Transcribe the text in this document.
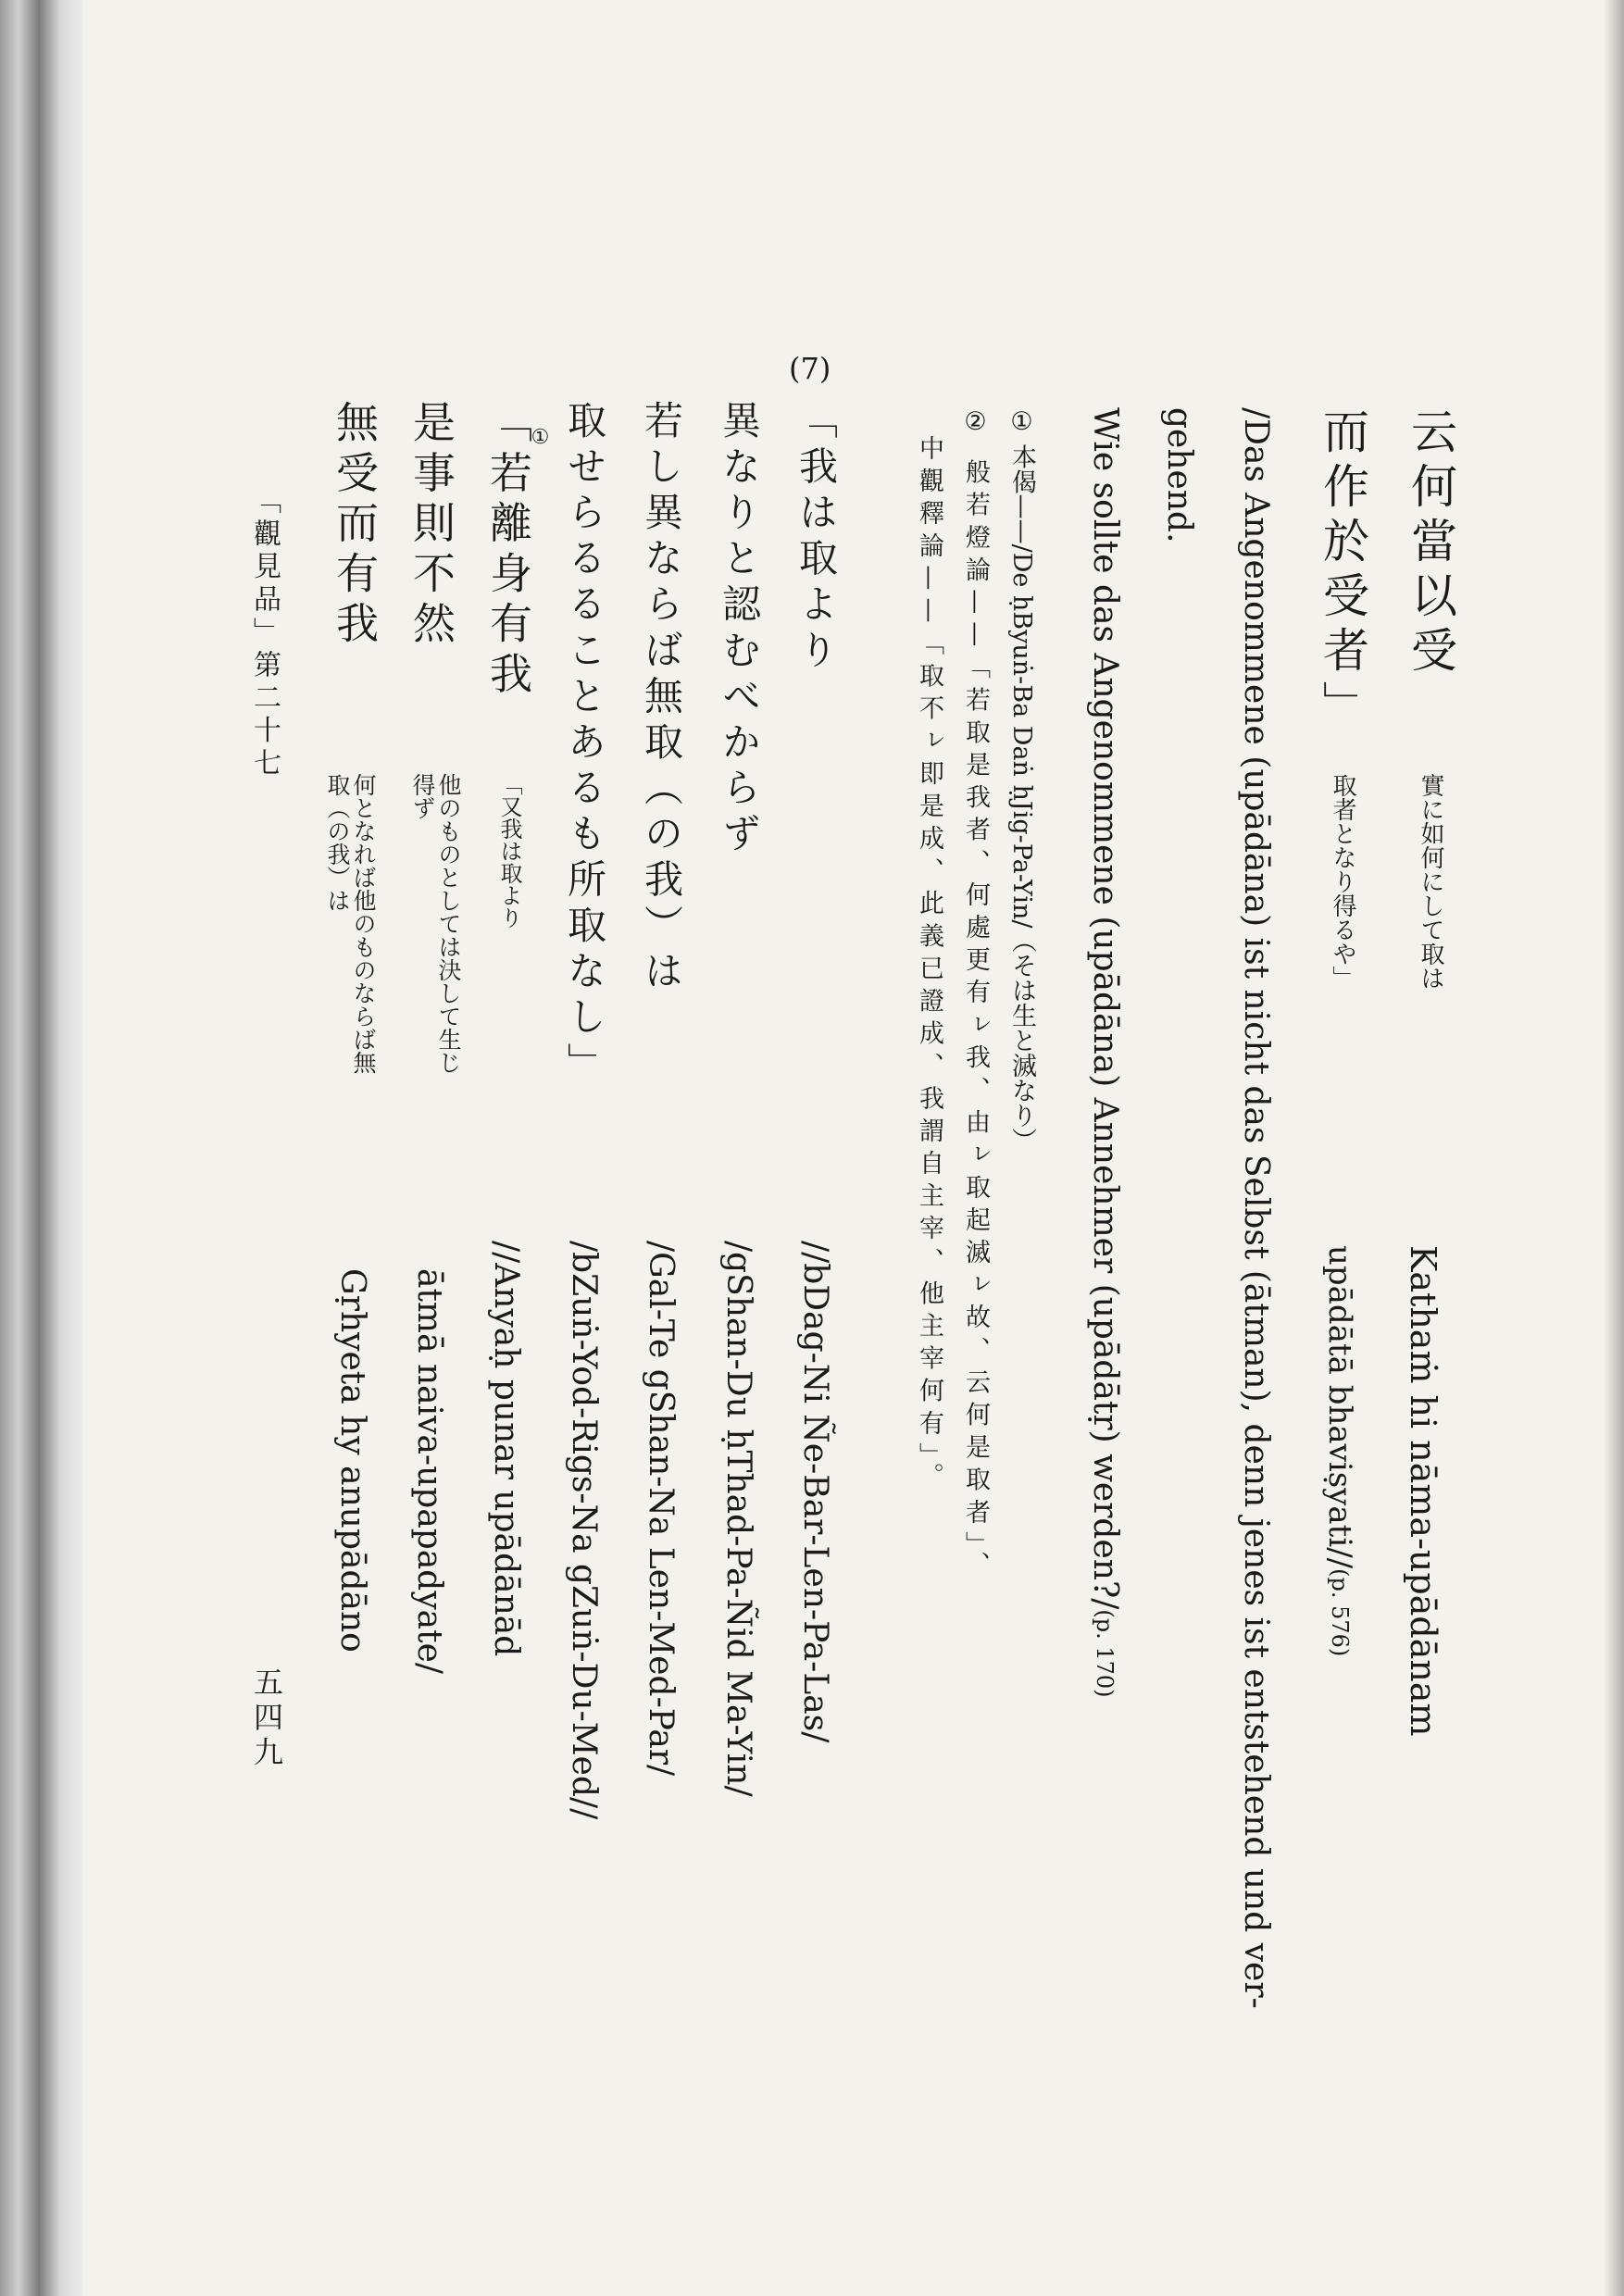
云何當以受
而作於受者」
實に如何にして取は
取者となり得るや」
Kathaṁ hi nāma-upādānam
upādātā bhaviṣyati//(p. 576)
/Das Angenommene (upādāna) ist nicht das Selbst (ātman), denn jenes ist entstehend und ver-
gehend.
Wie sollte das Angenommene (upādāna) Annehmer (upādātṛ) werden?/(p. 170)
① 本偈——/De ḥByuṅ-Ba Daṅ ḥJig-Pa-Yin/（そは生と滅なり）
② 般若燈論——「若取是我者、何處更有ㇾ我、由ㇾ取起滅ㇾ故、云何是取者」、
中觀釋論——「取不ㇾ即是成、此義已證成、我謂自主宰、他主宰何有」。
(7)
「我は取より
異なりと認むべからず
若し異ならば無取（の我）は
取せらるることあるも所取なし」
「若離身有我
①
是事則不然
無受而有我
「又我は取より
他のものとしては決して生じ
得ず
何となれば他のものならば無
取（の我）は
//bDag-Ni Ñe-Bar-Len-Pa-Las/
/gShan-Du ḥThad-Pa-Ñid Ma-Yin/
/Gal-Te gShan-Na Len-Med-Par/
/bZuṅ-Yod-Rigs-Na gZuṅ-Du-Med//
//Anyaḥ punar upādānād
ātmā naiva-upapadyate/
Gṛhyeta hy anupādāno
「觀見品」第二十七
五四九
